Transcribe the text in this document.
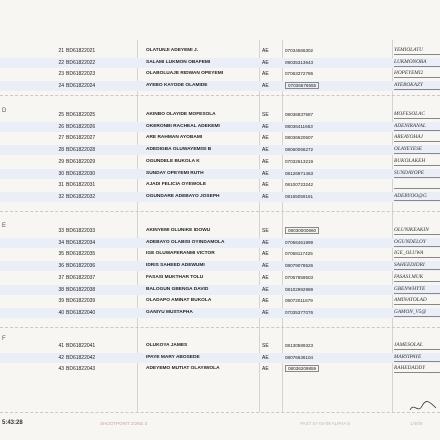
D
E
F
21 BD61822021	OLATUNJI ADEYEMI J.	AE	07034566302	YEMIOLATU
22 BD61822022	SALAMI LUKMON OBAFEMI	AE	09035313643	LUKMONOBA
23 BD61822023	OLABOLUAJE RIDWAN OPEYEMI	AE	07063372786	HOPEYEMI2
24 BD61822024	AYEBO KAYODE OLAMIDE	AE	07036676655	AYEBOKAZY
25 BD61822025	AKINBO OLAYIDE MOFESOLA	SE	08036837587	MOFESOLAC
26 BD61822026	OKERONBI RACHEAL ADEKEMI	AE	08036411663	ADENIRANAL
27 BD61822027	ARE RAHMAN AYOBAMI	AE	08036620607	AREAYOHAJ
28 BD61822028	ADEDIGBA OLUWAYEMISI B	AE	08060068272	OLAYEYESE
29 BD61822029	OGUNDELE BUKOLA K	AE	07032613219	BUKOLAKEH
30 BD61822030	SUNDAY OPEYEMI RUTH	AE	08126971463	SUNDAYOPE
31 BD61822031	AJADI FELICIA OYEWOLE	AE	08100723242
32 BD61822032	OGUNDARE ADEBAYO JOSEPH	AE	08165059161	ADEBYOO@G
33 BD61822033	AKINYEMI OLUNIKE IDOWU	SE	08030000660	OLUNIKEAKIN
34 BD61822034	ADEBAYO OLABISI OYINDAMOLA	AE	07056461999	OGUNDELOY
35 BD61822035	IGE OLUWAFERANMI VICTOR	AE	07068117425	IGE_OLUWA
36 BD61822036	IDRIS SAHEED ADEWUMI	AE	08079078526	SAHEEDIDRI
37 BD61822037	FASASI MUKTHAR TOLU	AE	07067859503	FASASI.MUK
38 BD61822038	BALOGUN GBENGA DAVID	AE	08102992989	GBENWHYTE
39 BD61822039	OLADAPO AMINAT BUKOLA	AE	08072011679	AMINATOLAD
40 BD61822040	GANIYU MUSTAPHA	AE	07035377076	GAMON_V5@
41 BD61822041	OLUKOYA JAMES	SE	08130589323	JAMESOLAL
42 BD61822042	IPAYE MARY ABOSEDE	AE	08076636104	MARYIPAYE
43 BD61822043	ADEYEMO MUTIAT OLAYIWOLA	AE	08036209859	RAHEDADDY
5:43:28	SHOOTPOINT ZONE 2	PAST 07-04-09 ALPHA 5	1/4/09
